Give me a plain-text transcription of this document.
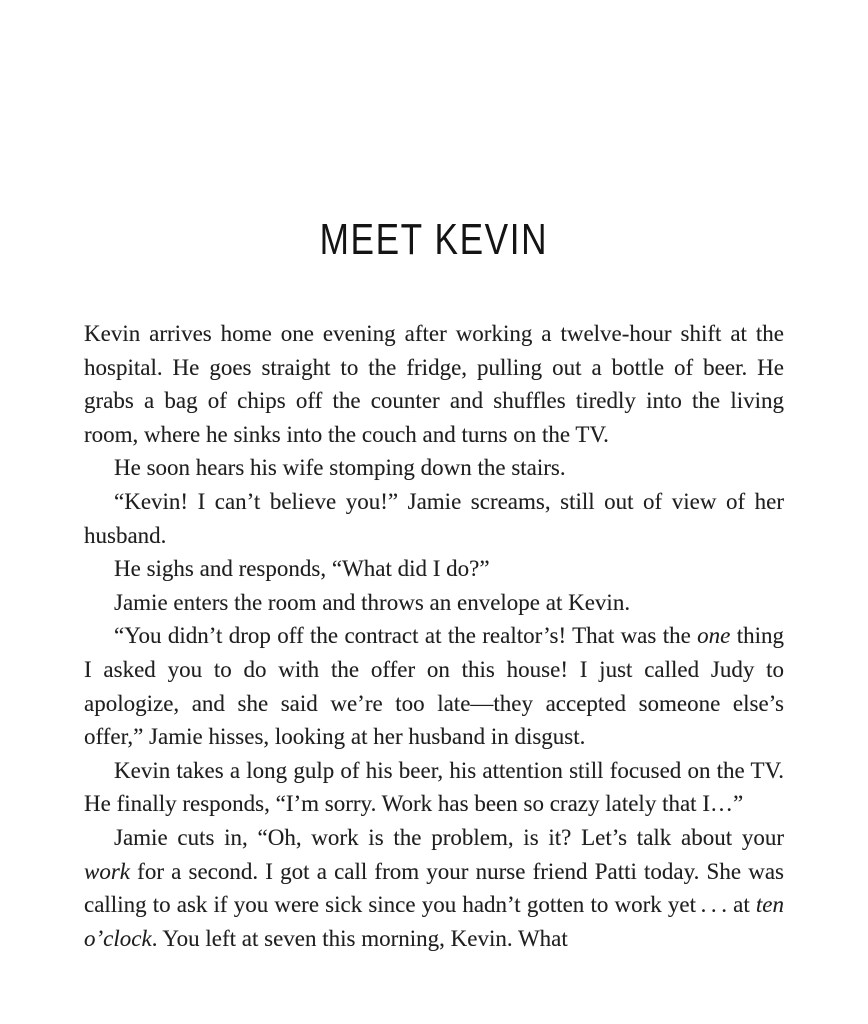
MEET KEVIN

Kevin arrives home one evening after working a twelve-hour shift at the hospital. He goes straight to the fridge, pulling out a bottle of beer. He grabs a bag of chips off the counter and shuffles tiredly into the living room, where he sinks into the couch and turns on the TV.

He soon hears his wife stomping down the stairs.

“Kevin! I can’t believe you!” Jamie screams, still out of view of her husband.

He sighs and responds, “What did I do?”

Jamie enters the room and throws an envelope at Kevin.

“You didn’t drop off the contract at the realtor’s! That was the one thing I asked you to do with the offer on this house! I just called Judy to apologize, and she said we’re too late—they accepted someone else’s offer,” Jamie hisses, looking at her husband in disgust.

Kevin takes a long gulp of his beer, his attention still focused on the TV. He finally responds, “I’m sorry. Work has been so crazy lately that I…”

Jamie cuts in, “Oh, work is the problem, is it? Let’s talk about your work for a second. I got a call from your nurse friend Patti today. She was calling to ask if you were sick since you hadn’t gotten to work yet . . . at ten o’clock. You left at seven this morning, Kevin. What
